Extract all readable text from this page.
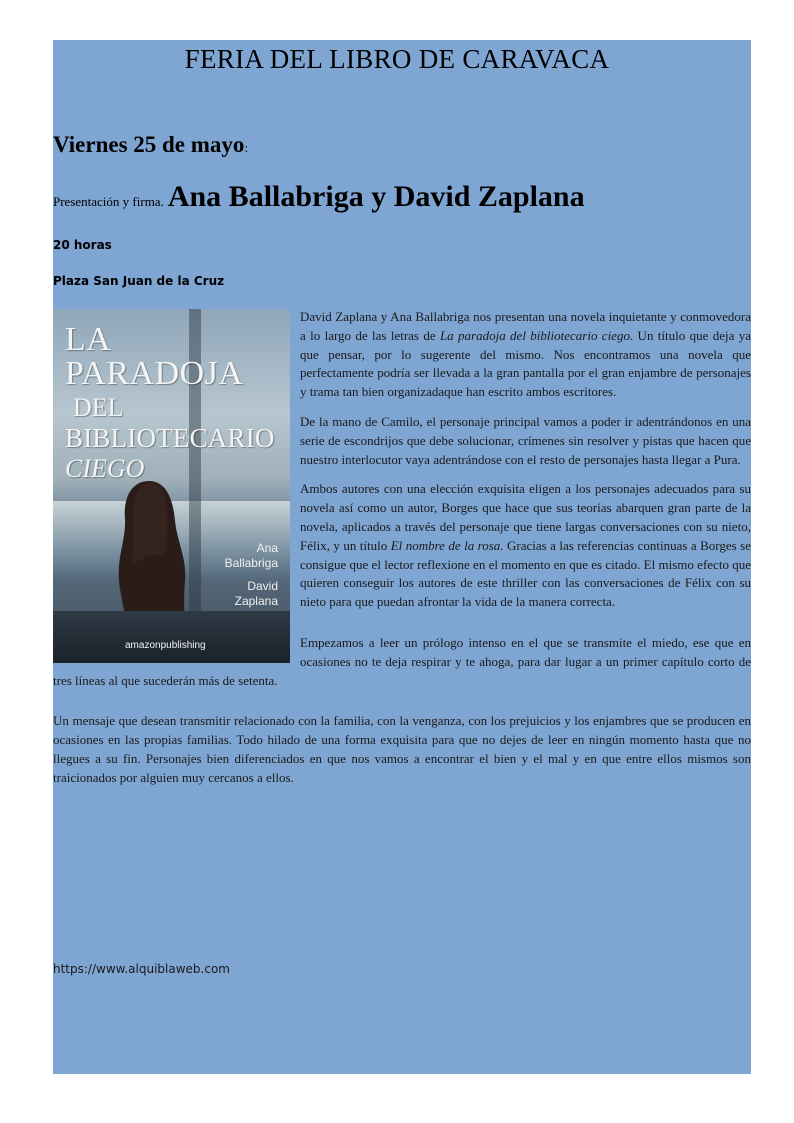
FERIA DEL LIBRO DE CARAVACA
Viernes 25 de mayo:
Presentación y firma. Ana Ballabriga y David Zaplana
20 horas
Plaza San Juan de la Cruz
LA PARADOJA
DEL
BIBLIOTECARIO
CIEGO
Ana
Ballabriga
David
Zaplana
amazonpublishing

David Zaplana y Ana Ballabriga nos presentan una novela inquietante y conmovedora a lo largo de las letras de La paradoja del bibliotecario ciego. Un título que deja ya que pensar, por lo sugerente del mismo. Nos encontramos una novela que perfectamente podría ser llevada a la gran pantalla por el gran enjambre de personajes y trama tan bien organizadaque han escrito ambos escritores.

De la mano de Camilo, el personaje principal vamos a poder ir adentrándonos en una serie de escondrijos que debe solucionar, crímenes sin resolver y pistas que hacen que nuestro interlocutor vaya adentrándose con el resto de personajes hasta llegar a Pura.

Ambos autores con una elección exquisita eligen a los personajes adecuados para su novela así como un autor, Borges que hace que sus teorías abarquen gran parte de la novela, aplicados a través del personaje que tiene largas conversaciones con su nieto, Félix, y un título El nombre de la rosa. Gracias a las referencias continuas a Borges se consigue que el lector reflexione en el momento en que es citado. El mismo efecto que quieren conseguir los autores de este thriller con las conversaciones de Félix con su nieto para que puedan afrontar la vida de la manera correcta.

Empezamos a leer un prólogo intenso en el que se transmite el miedo, ese que en ocasiones no te deja respirar y te ahoga, para dar lugar a un primer capítulo corto de tres líneas al que sucederán más de setenta.

Un mensaje que desean transmitir relacionado con la familia, con la venganza, con los prejuicios y los enjambres que se producen en ocasiones en las propias familias. Todo hilado de una forma exquisita para que no dejes de leer en ningún momento hasta que no llegues a su fin. Personajes bien diferenciados en que nos vamos a encontrar el bien y el mal y en que entre ellos mismos son traicionados por alguien muy cercanos a ellos.

https://www.alquiblaweb.com
